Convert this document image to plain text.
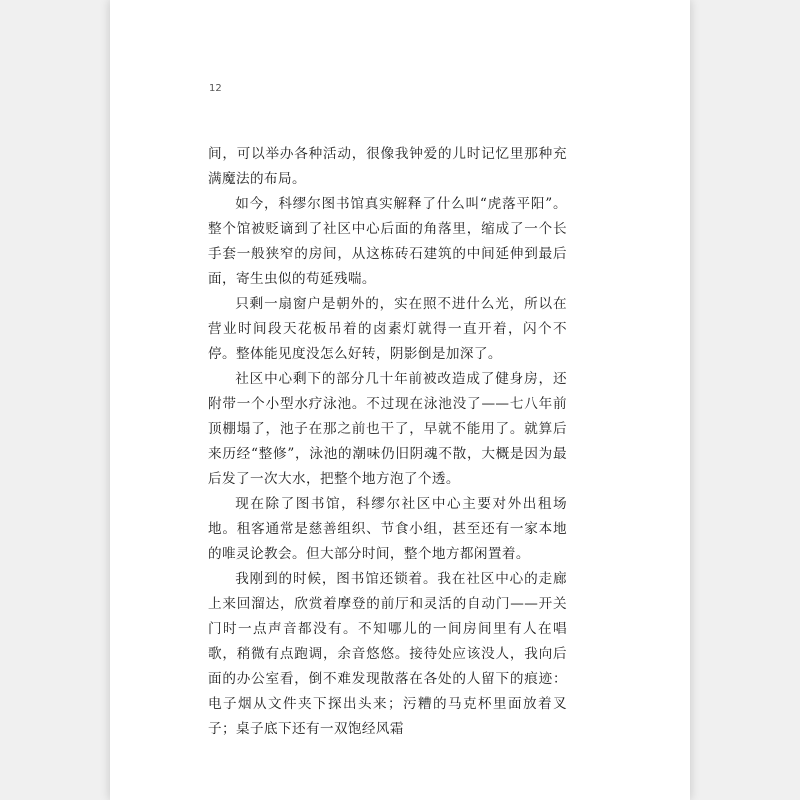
12

间，可以举办各种活动，很像我钟爱的儿时记忆里那种充满魔法的布局。

如今，科缪尔图书馆真实解释了什么叫“虎落平阳”。整个馆被贬谪到了社区中心后面的角落里，缩成了一个长手套一般狭窄的房间，从这栋砖石建筑的中间延伸到最后面，寄生虫似的苟延残喘。

只剩一扇窗户是朝外的，实在照不进什么光，所以在营业时间段天花板吊着的卤素灯就得一直开着，闪个不停。整体能见度没怎么好转，阴影倒是加深了。

社区中心剩下的部分几十年前被改造成了健身房，还附带一个小型水疗泳池。不过现在泳池没了——七八年前顶棚塌了，池子在那之前也干了，早就不能用了。就算后来历经“整修”，泳池的潮味仍旧阴魂不散，大概是因为最后发了一次大水，把整个地方泡了个透。

现在除了图书馆，科缪尔社区中心主要对外出租场地。租客通常是慈善组织、节食小组，甚至还有一家本地的唯灵论教会。但大部分时间，整个地方都闲置着。

我刚到的时候，图书馆还锁着。我在社区中心的走廊上来回溜达，欣赏着摩登的前厅和灵活的自动门——开关门时一点声音都没有。不知哪儿的一间房间里有人在唱歌，稍微有点跑调，余音悠悠。接待处应该没人，我向后面的办公室看，倒不难发现散落在各处的人留下的痕迹：电子烟从文件夹下探出头来；污糟的马克杯里面放着叉子；桌子底下还有一双饱经风霜
